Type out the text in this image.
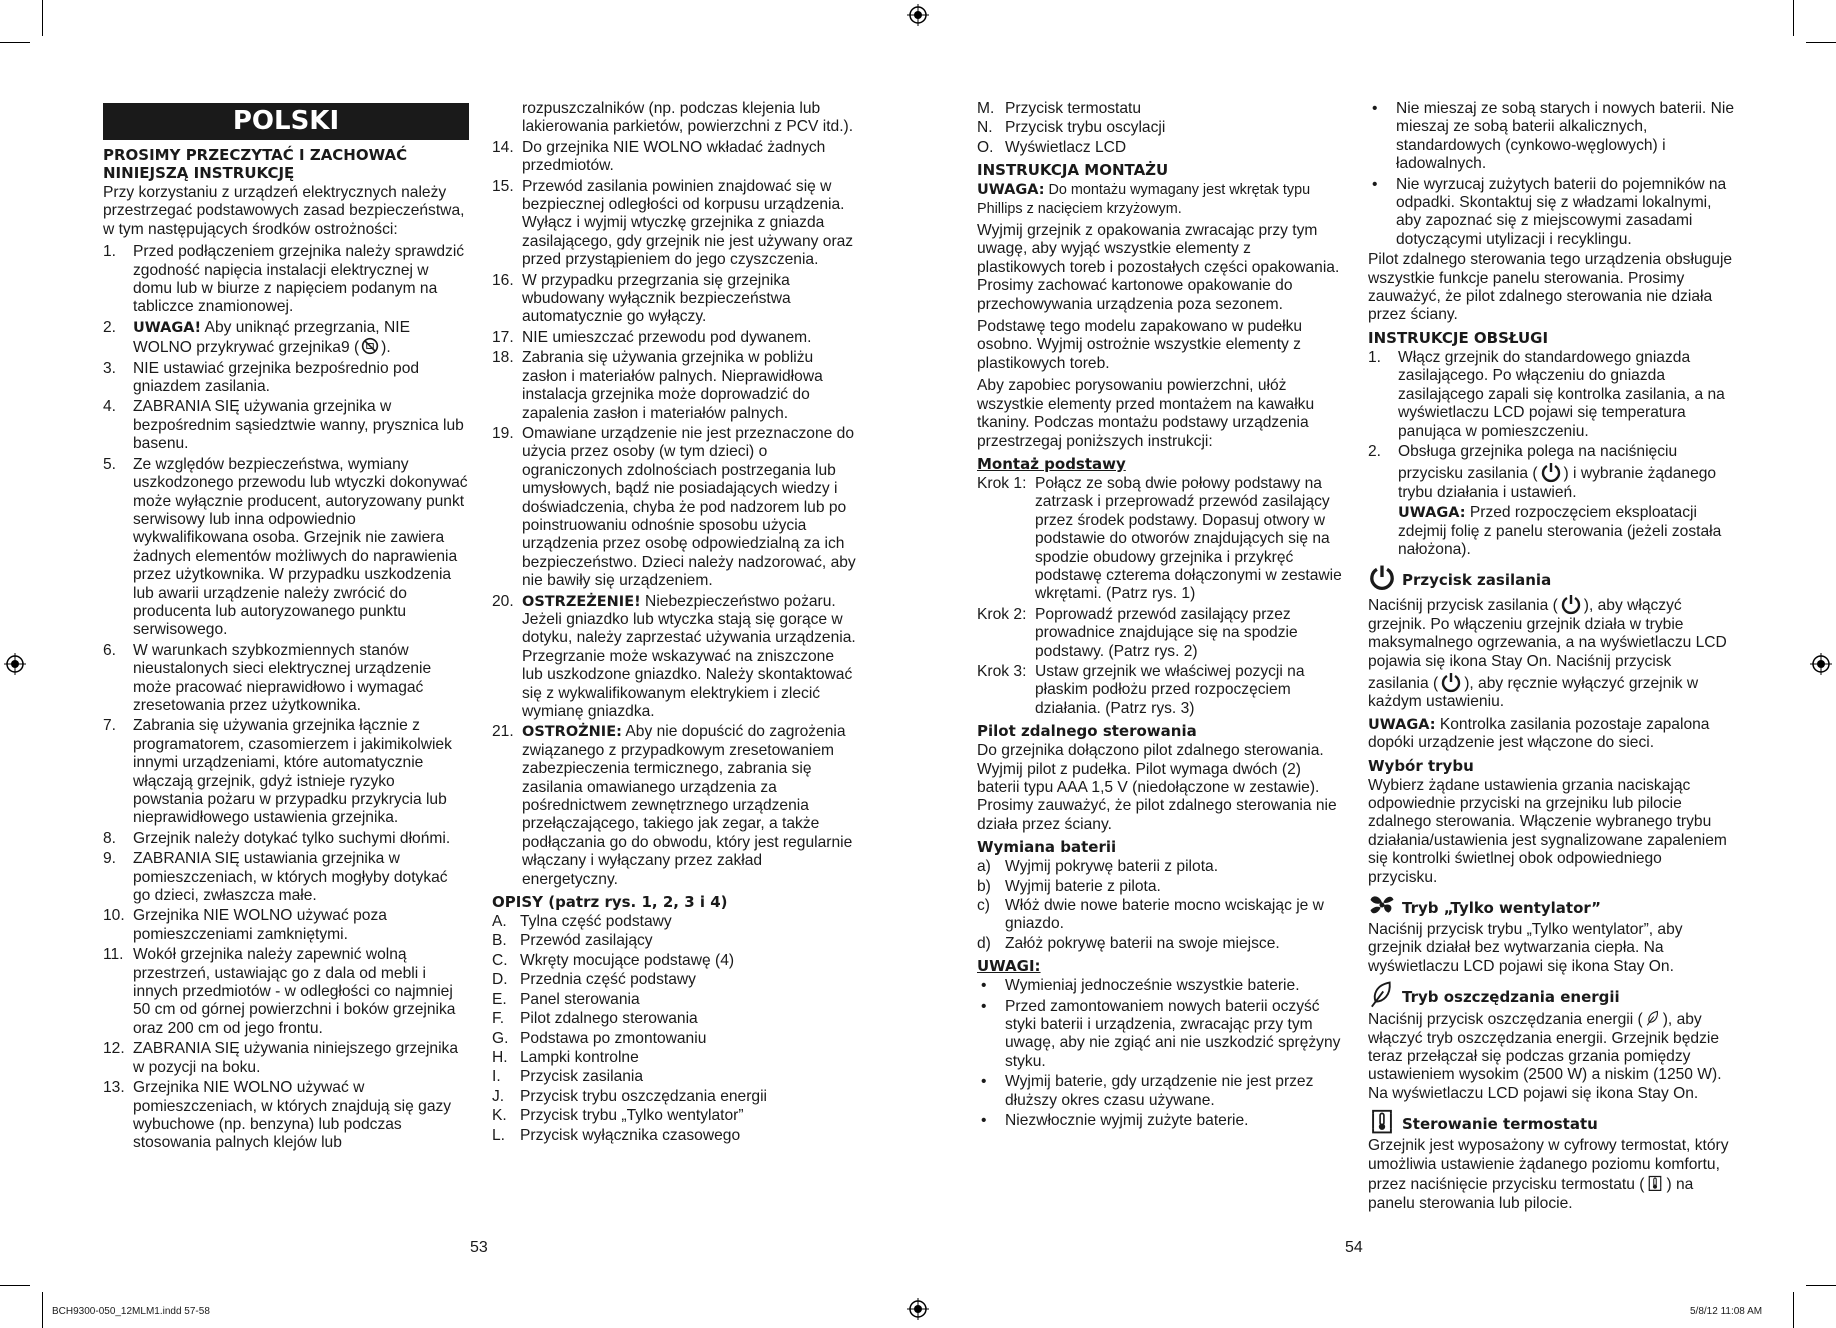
POLSKI
PROSIMY PRZECZYTAĆ I ZACHOWAĆ NINIEJSZĄ INSTRUKCJĘ

Przy korzystaniu z urządzeń elektrycznych należy przestrzegać podstawowych zasad bezpieczeństwa, w tym następujących środków ostrożności:

1. Przed podłączeniem grzejnika należy sprawdzić zgodność napięcia instalacji elektrycznej w domu lub w biurze z napięciem podanym na tabliczce znamionowej.
2. UWAGA! Aby uniknąć przegrzania, NIE WOLNO przykrywać grzejnika9 ( ).
3. NIE ustawiać grzejnika bezpośrednio pod gniazdem zasilania.
4. ZABRANIA SIĘ używania grzejnika w bezpośrednim sąsiedztwie wanny, prysznica lub basenu.
5. Ze względów bezpieczeństwa, wymiany uszkodzonego przewodu lub wtyczki dokonywać może wyłącznie producent, autoryzowany punkt serwisowy lub inna odpowiednio wykwalifikowana osoba. Grzejnik nie zawiera żadnych elementów możliwych do naprawienia przez użytkownika. W przypadku uszkodzenia lub awarii urządzenie należy zwrócić do producenta lub autoryzowanego punktu serwisowego.
6. W warunkach szybkozmiennych stanów nieustalonych sieci elektrycznej urządzenie może pracować nieprawidłowo i wymagać zresetowania przez użytkownika.
7. Zabrania się używania grzejnika łącznie z programatorem, czasomierzem i jakimikolwiek innymi urządzeniami, które automatycznie włączają grzejnik, gdyż istnieje ryzyko powstania pożaru w przypadku przykrycia lub nieprawidłowego ustawienia grzejnika.
8. Grzejnik należy dotykać tylko suchymi dłońmi.
9. ZABRANIA SIĘ ustawiania grzejnika w pomieszczeniach, w których mogłyby dotykać go dzieci, zwłaszcza małe.
10. Grzejnika NIE WOLNO używać poza pomieszczeniami zamkniętymi.
11. Wokół grzejnika należy zapewnić wolną przestrzeń, ustawiając go z dala od mebli i innych przedmiotów - w odległości co najmniej 50 cm od górnej powierzchni i boków grzejnika oraz 200 cm od jego frontu.
12. ZABRANIA SIĘ używania niniejszego grzejnika w pozycji na boku.
13. Grzejnika NIE WOLNO używać w pomieszczeniach, w których znajdują się gazy wybuchowe (np. benzyna) lub podczas stosowania palnych klejów lub

rozpuszczalników (np. podczas klejenia lub lakierowania parkietów, powierzchni z PCV itd.).

14. Do grzejnika NIE WOLNO wkładać żadnych przedmiotów.
15. Przewód zasilania powinien znajdować się w bezpiecznej odległości od korpusu urządzenia. Wyłącz i wyjmij wtyczkę grzejnika z gniazda zasilającego, gdy grzejnik nie jest używany oraz przed przystąpieniem do jego czyszczenia.
16. W przypadku przegrzania się grzejnika wbudowany wyłącznik bezpieczeństwa automatycznie go wyłączy.
17. NIE umieszczać przewodu pod dywanem.
18. Zabrania się używania grzejnika w pobliżu zasłon i materiałów palnych. Nieprawidłowa instalacja grzejnika może doprowadzić do zapalenia zasłon i materiałów palnych.
19. Omawiane urządzenie nie jest przeznaczone do użycia przez osoby (w tym dzieci) o ograniczonych zdolnościach postrzegania lub umysłowych, bądź nie posiadających wiedzy i doświadczenia, chyba że pod nadzorem lub po poinstruowaniu odnośnie sposobu użycia urządzenia przez osobę odpowiedzialną za ich bezpieczeństwo. Dzieci należy nadzorować, aby nie bawiły się urządzeniem.
20. OSTRZEŻENIE! Niebezpieczeństwo pożaru. Jeżeli gniazdko lub wtyczka stają się gorące w dotyku, należy zaprzestać używania urządzenia. Przegrzanie może wskazywać na zniszczone lub uszkodzone gniazdko. Należy skontaktować się z wykwalifikowanym elektrykiem i zlecić wymianę gniazdka.
21. OSTROŻNIE: Aby nie dopuścić do zagrożenia związanego z przypadkowym zresetowaniem zabezpieczenia termicznego, zabrania się zasilania omawianego urządzenia za pośrednictwem zewnętrznego urządzenia przełączającego, takiego jak zegar, a także podłączania go do obwodu, który jest regularnie włączany i wyłączany przez zakład energetyczny.
OPISY (patrz rys. 1, 2, 3 i 4)
A. Tylna część podstawy
B. Przewód zasilający
C. Wkręty mocujące podstawę (4)
D. Przednia część podstawy
E. Panel sterowania
F. Pilot zdalnego sterowania
G. Podstawa po zmontowaniu
H. Lampki kontrolne
I. Przycisk zasilania
J. Przycisk trybu oszczędzania energii
K. Przycisk trybu „Tylko wentylator”
L. Przycisk wyłącznika czasowego
53
M. Przycisk termostatu
N. Przycisk trybu oscylacji
O. Wyświetlacz LCD
INSTRUKCJA MONTAŻU

UWAGA: Do montażu wymagany jest wkrętak typu Phillips z nacięciem krzyżowym.

Wyjmij grzejnik z opakowania zwracając przy tym uwagę, aby wyjąć wszystkie elementy z plastikowych toreb i pozostałych części opakowania. Prosimy zachować kartonowe opakowanie do przechowywania urządzenia poza sezonem.

Podstawę tego modelu zapakowano w pudełku osobno. Wyjmij ostrożnie wszystkie elementy z plastikowych toreb.

Aby zapobiec porysowaniu powierzchni, ułóż wszystkie elementy przed montażem na kawałku tkaniny. Podczas montażu podstawy urządzenia przestrzegaj poniższych instrukcji:

Montaż podstawy
Krok 1: Połącz ze sobą dwie połowy podstawy na zatrzask i przeprowadź przewód zasilający przez środek podstawy. Dopasuj otwory w podstawie do otworów znajdujących się na spodzie obudowy grzejnika i przykręć podstawę czterema dołączonymi w zestawie wkrętami. (Patrz rys. 1)
Krok 2: Poprowadź przewód zasilający przez prowadnice znajdujące się na spodzie podstawy. (Patrz rys. 2)
Krok 3: Ustaw grzejnik we właściwej pozycji na płaskim podłożu przed rozpoczęciem działania. (Patrz rys. 3)
Pilot zdalnego sterowania

Do grzejnika dołączono pilot zdalnego sterowania. Wyjmij pilot z pudełka. Pilot wymaga dwóch (2) baterii typu AAA 1,5 V (niedołączone w zestawie). Prosimy zauważyć, że pilot zdalnego sterowania nie działa przez ściany.

Wymiana baterii
a) Wyjmij pokrywę baterii z pilota.
b) Wyjmij baterie z pilota.
c) Włóż dwie nowe baterie mocno wciskając je w gniazdo.
d) Załóż pokrywę baterii na swoje miejsce.
UWAGI:
• Wymieniaj jednocześnie wszystkie baterie.
• Przed zamontowaniem nowych baterii oczyść styki baterii i urządzenia, zwracając przy tym uwagę, aby nie zgiąć ani nie uszkodzić sprężyny styku.
• Wyjmij baterie, gdy urządzenie nie jest przez dłuższy okres czasu używane.
• Niezwłocznie wyjmij zużyte baterie.
• Nie mieszaj ze sobą starych i nowych baterii. Nie mieszaj ze sobą baterii alkalicznych, standardowych (cynkowo-węglowych) i ładowalnych.
• Nie wyrzucaj zużytych baterii do pojemników na odpadki. Skontaktuj się z władzami lokalnymi, aby zapoznać się z miejscowymi zasadami dotyczącymi utylizacji i recyklingu.

Pilot zdalnego sterowania tego urządzenia obsługuje wszystkie funkcje panelu sterowania. Prosimy zauważyć, że pilot zdalnego sterowania nie działa przez ściany.

INSTRUKCJE OBSŁUGI
1. Włącz grzejnik do standardowego gniazda zasilającego. Po włączeniu do gniazda zasilającego zapali się kontrolka zasilania, a na wyświetlaczu LCD pojawi się temperatura panująca w pomieszczeniu.
2. Obsługa grzejnika polega na naciśnięciu przycisku zasilania ( ) i wybranie żądanego trybu działania i ustawień.

UWAGA: Przed rozpoczęciem eksploatacji zdejmij folię z panelu sterowania (jeżeli została nałożona).

Przycisk zasilania

Naciśnij przycisk zasilania ( ), aby włączyć grzejnik. Po włączeniu grzejnik działa w trybie maksymalnego ogrzewania, a na wyświetlaczu LCD pojawia się ikona Stay On. Naciśnij przycisk zasilania ( ), aby ręcznie wyłączyć grzejnik w każdym ustawieniu.

UWAGA: Kontrolka zasilania pozostaje zapalona dopóki urządzenie jest włączone do sieci.

Wybór trybu

Wybierz żądane ustawienia grzania naciskając odpowiednie przyciski na grzejniku lub pilocie zdalnego sterowania. Włączenie wybranego trybu działania/ustawienia jest sygnalizowane zapaleniem się kontrolki świetlnej obok odpowiedniego przycisku.

Tryb „Tylko wentylator”

Naciśnij przycisk trybu „Tylko wentylator”, aby grzejnik działał bez wytwarzania ciepła. Na wyświetlaczu LCD pojawi się ikona Stay On.

Tryb oszczędzania energii

Naciśnij przycisk oszczędzania energii ( ), aby włączyć tryb oszczędzania energii. Grzejnik będzie teraz przełączał się podczas grzania pomiędzy ustawieniem wysokim (2500 W) a niskim (1250 W). Na wyświetlaczu LCD pojawi się ikona Stay On.

Sterowanie termostatu

Grzejnik jest wyposażony w cyfrowy termostat, który umożliwia ustawienie żądanego poziomu komfortu, przez naciśnięcie przycisku termostatu ( ) na panelu sterowania lub pilocie.

54
BCH9300-050_12MLM1.indd 57-58	5/8/12 11:08 AM
